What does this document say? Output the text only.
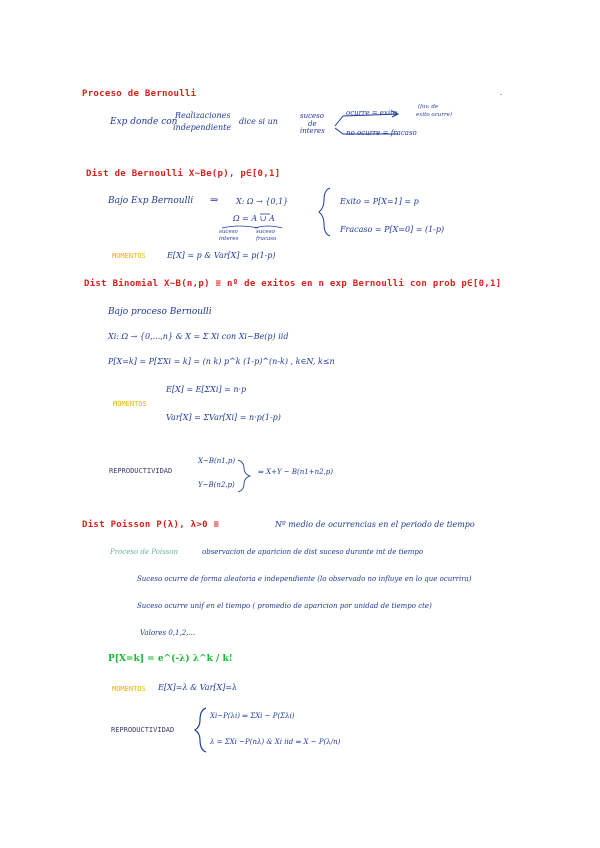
Proceso de Bernoulli
Exp donde con
Realizaciones
independiente
dice si un
suceso
de
interes
ocurre = exito
(fav. de
exito ocurre)
no ocurre = fracaso
.
Dist de Bernoulli X~Be(p), p∈[0,1]
Bajo Exp Bernoulli ⇒ X: Ω → {0,1}
Ω = A ∪ A
suceso
interes
suceso
fracaso
Exito = P[X=1] = p
Fracaso = P[X=0] = (1-p)
MOMENTOS	E[X] = p & Var[X] = p(1-p)
Dist Binomial X~B(n,p) ≡ nº de exitos en n exp Bernoulli con prob p∈[0,1]
Bajo proceso Bernoulli
Xi: Ω → {0,...,n} & X = Σ Xi con Xi~Be(p) iid
P[X=k] = P[ΣXi = k] = (n k) p^k (1-p)^(n-k) , k∈N, k≤n
E[X] = E[ΣXi] = n·p
MOMENTOS
Var[X] = ΣVar[Xi] = n·p(1-p)
REPRODUCTIVIDAD
X~B(n1,p)
Y~B(n2,p)
⇒ X+Y ~ B(n1+n2,p)
Dist Poisson P(λ), λ>0 ≡	Nº medio de ocurrencias en el periodo de tiempo
Proceso de Poisson	observacion de aparicion de dist suceso durante int de tiempo
Suceso ocurre de forma aleatoria e independiente (lo observado no influye en lo que ocurrira)
Suceso ocurre unif en el tiempo ( promedio de aparicion por unidad de tiempo cte)
Valores 0,1,2,...
P[X=k] = e^(-λ) λ^k / k!
MOMENTOS E[X]=λ & Var[X]=λ
REPRODUCTIVIDAD
Xi~P(λi) ⇒ ΣXi ~ P(Σλi)
λ = ΣXi ~P(nλ) & Xi iid ⇒ X ~ P(λ/n)
